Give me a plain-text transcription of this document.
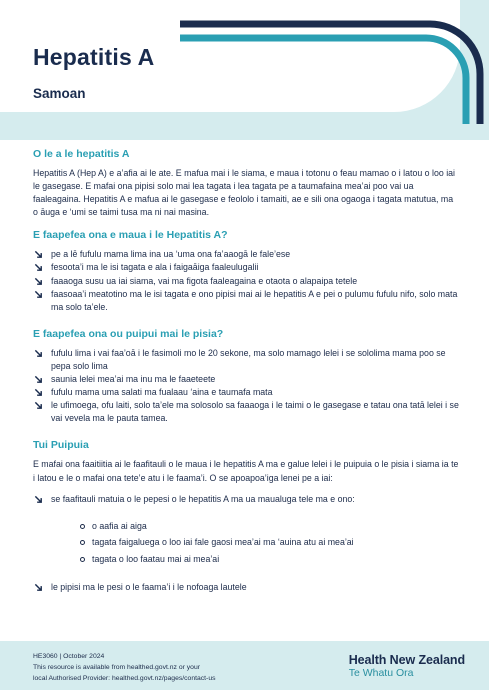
Hepatitis A
Samoan
O le a le hepatitis A

Hepatitis A (Hep A) e a’afia ai le ate. E mafua mai i le siama, e maua i totonu o feau mamao o i latou o loo iai le gasegase. E mafai ona pipisi solo mai lea tagata i lea tagata pe a taumafaina mea’ai poo vai ua faaleagaina. Hepatitis A e mafua ai le gasegase e feololo i tamaiti, ae e sili ona ogaoga i tagata matutua, ma o āuga e ‘umi se taimi tusa ma ni nai masina.

E faapefea ona e maua i le Hepatitis A?
pe a lē fufulu mama lima ina ua ‘uma ona fa’aaogā le fale’ese
fesoota’i ma le isi tagata e ala i faigaāiga faaleulugalii
faaaoga susu ua iai siama, vai ma figota faaleagaina e otaota o alapaipa tetele
faasoaa’i meatotino ma le isi tagata e ono pipisi mai ai le hepatitis A e pei o pulumu fufulu nifo, solo mata ma solo ta’ele.
E faapefea ona ou puipui mai le pisia?
fufulu lima i vai faa’oā i le fasimoli mo le 20 sekone, ma solo mamago lelei i se sololima mama poo se pepa solo lima
saunia lelei mea’ai ma inu ma le faaeteete
fufulu mama uma salati ma fualaau ‘aina e taumafa mata
le ufimoega, ofu laiti, solo ta’ele ma solosolo sa faaaoga i le taimi o le gasegase e tatau ona tatā lelei i se vai vevela ma le pauta tamea.
Tui Puipuia

E mafai ona faaitiitia ai le faafitauli o le maua i le hepatitis A ma e galue lelei i le puipuia o le pisia i siama ia te i latou e le o mafai ona tete’e atu i le faama’i. O se apoapoa’iga lenei pe a iai:

se faafitauli matuia o le pepesi o le hepatitis A ma ua maualuga tele ma e ono:
o aafia ai aiga
tagata faigaluega o loo iai fale gaosi mea’ai ma ‘auina atu ai mea’ai
tagata o loo faatau mai ai mea’ai
le pipisi ma le pesi o le faama’i i le nofoaga lautele
HE3060 | October 2024
This resource is available from healthed.govt.nz or your
local Authorised Provider: healthed.govt.nz/pages/contact-us
Health New Zealand
Te Whatu Ora
